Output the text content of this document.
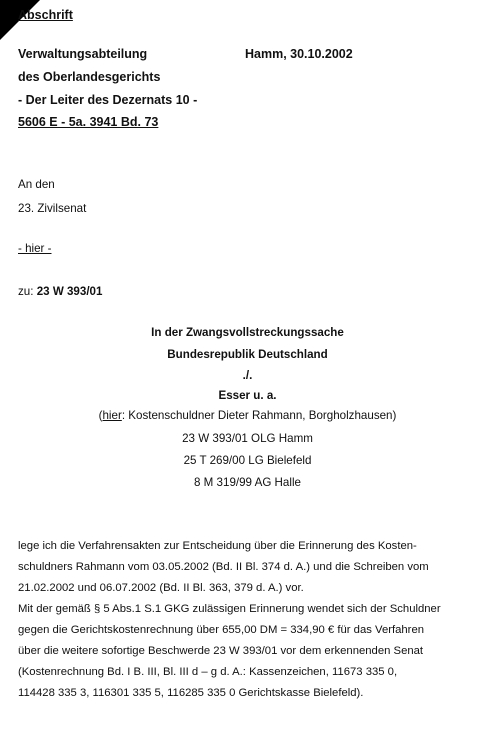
Abschrift
Verwaltungsabteilung
des Oberlandesgerichts
- Der Leiter des Dezernats 10 -
5606 E - 5a. 3941 Bd. 73
Hamm, 30.10.2002
An den
23. Zivilsenat
- hier -
zu: 23 W 393/01
In der Zwangsvollstreckungssache
Bundesrepublik Deutschland
./.
Esser u. a.
(hier: Kostenschuldner Dieter Rahmann, Borgholzhausen)
23 W 393/01 OLG Hamm
25 T 269/00 LG Bielefeld
8 M 319/99 AG Halle
lege ich die Verfahrensakten zur Entscheidung über die Erinnerung des Kosten-
schuldners Rahmann vom 03.05.2002 (Bd. II Bl. 374 d. A.) und die Schreiben vom
21.02.2002 und 06.07.2002 (Bd. II Bl. 363, 379 d. A.) vor.
Mit der gemäß § 5 Abs.1 S.1 GKG zulässigen Erinnerung wendet sich der Schuldner
gegen die Gerichtskostenrechnung über 655,00 DM = 334,90 € für das Verfahren
über die weitere sofortige Beschwerde 23 W 393/01 vor dem erkennenden Senat
(Kostenrechnung Bd. I B. III, Bl. III d – g d. A.: Kassenzeichen, 11673 335 0,
114428 335 3, 116301 335 5, 116285 335 0 Gerichtskasse Bielefeld).
